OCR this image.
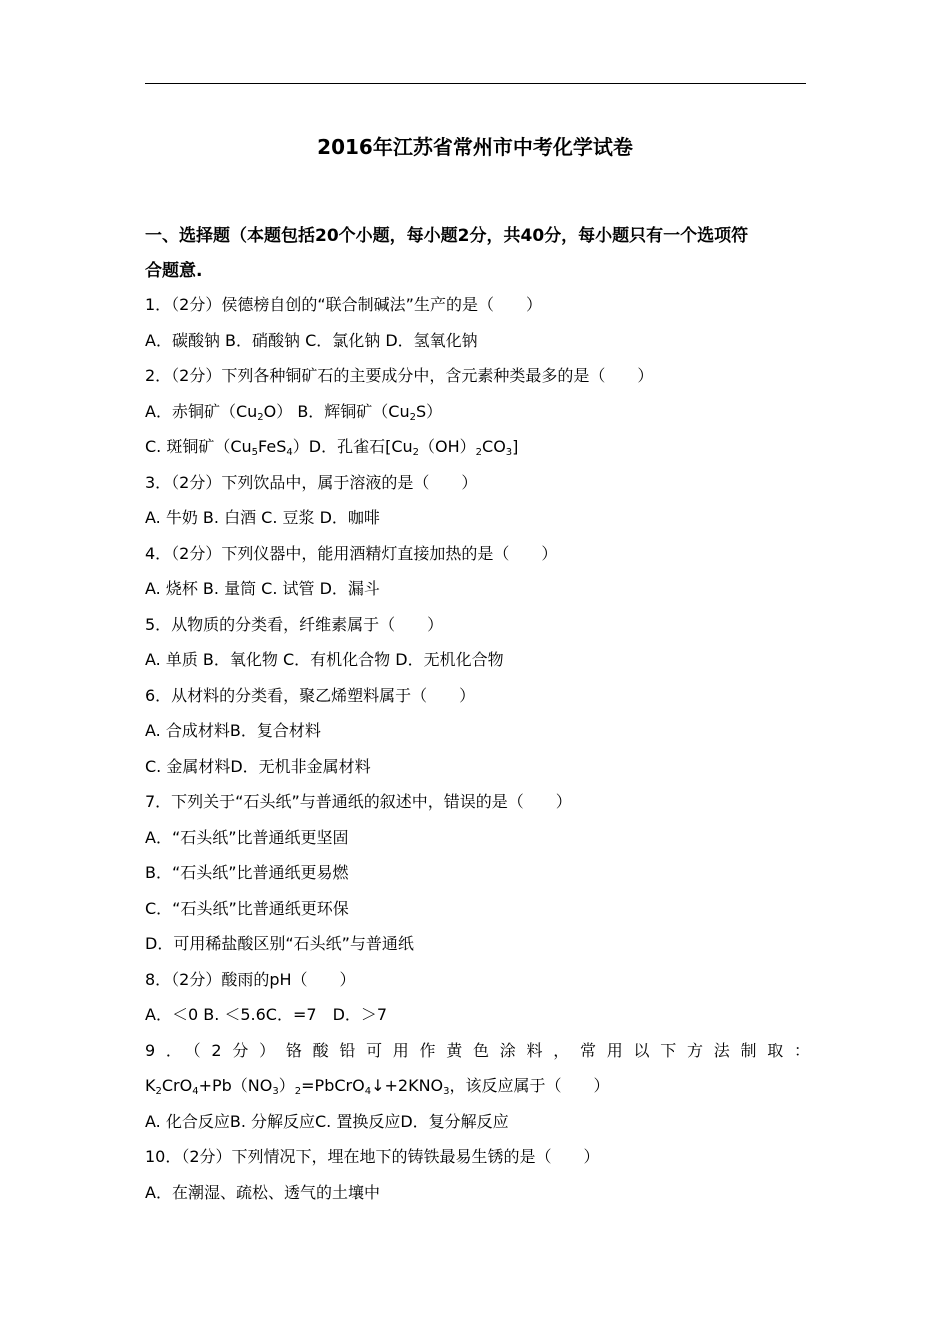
2016年江苏省常州市中考化学试卷
一、选择题（本题包括20个小题，每小题2分，共40分，每小题只有一个选项符
合题意.
1．（2分）侯德榜自创的“联合制碱法”生产的是（　　）
A．碳酸钠 B．硝酸钠 C．氯化钠 D．氢氧化钠
2．（2分）下列各种铜矿石的主要成分中，含元素种类最多的是（　　）
A．赤铜矿$(Cu_2O)$ B．辉铜矿$(Cu_2S)$
C. 斑铜矿$(Cu_5FeS_4)D$．孔雀石$[Cu_2(OH)_2CO_3]$
3．（2分）下列饮品中，属于溶液的是（　　）
A. 牛奶 B. 白酒 C. 豆浆 D．咖啡
4．（2分）下列仪器中，能用酒精灯直接加热的是（　　）
A. 烧杯 B. 量筒 C. 试管 D．漏斗
5．从物质的分类看，纤维素属于（　　）
A. 单质 B．氧化物 C．有机化合物 D．无机化合物
6．从材料的分类看，聚乙烯塑料属于（　　）
A. 合成材料B．复合材料
C. 金属材料D．无机非金属材料
7．下列关于“石头纸”与普通纸的叙述中，错误的是（　　）
A．“石头纸”比普通纸更坚固
B．“石头纸”比普通纸更易燃
C．“石头纸”比普通纸更环保
D．可用稀盐酸区别“石头纸”与普通纸
8．（2分）酸雨的pH（　　）
A．＜0 B. ＜5.6C．=7　D．＞7
9．（2分）铬酸铅可用作黄色涂料，常用以下方法制取：
$K_2CrO_4+Pb(NO_3)_2=PbCrO_4↓+2KNO_3$，该反应属于（　　）
A. 化合反应B. 分解反应C. 置换反应D．复分解反应
10．（2分）下列情况下，埋在地下的铸铁最易生锈的是（　　）
A．在潮湿、疏松、透气的土壤中
